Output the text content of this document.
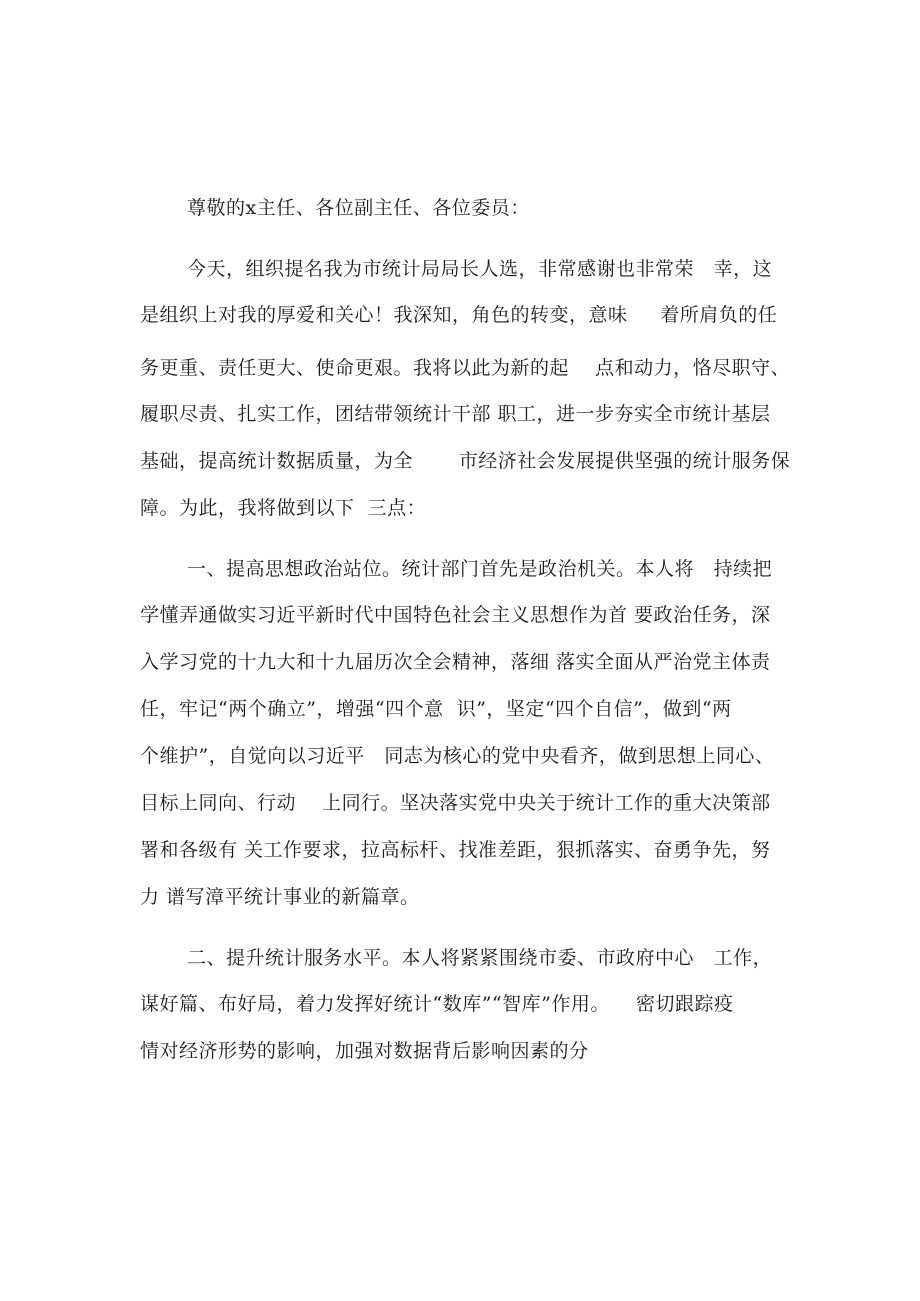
尊敬的x主任、各位副主任、各位委员：
今天，组织提名我为市统计局局长人选，非常感谢也非常荣   幸，这
是组织上对我的厚爱和关心！我深知，角色的转变，意味     着所肩负的任
务更重、责任更大、使命更艰。我将以此为新的起    点和动力，恪尽职守、
履职尽责、扎实工作，团结带领统计干部 职工，进一步夯实全市统计基层
基础，提高统计数据质量，为全       市经济社会发展提供坚强的统计服务保
障。为此，我将做到以下  三点：
一、提高思想政治站位。统计部门首先是政治机关。本人将   持续把
学懂弄通做实习近平新时代中国特色社会主义思想作为首 要政治任务，深
入学习党的十九大和十九届历次全会精神，落细 落实全面从严治党主体责
任，牢记“两个确立”，增强“四个意  识”，坚定“四个自信”，做到“两
个维护”，自觉向以习近平   同志为核心的党中央看齐，做到思想上同心、
目标上同向、行动    上同行。坚决落实党中央关于统计工作的重大决策部
署和各级有 关工作要求，拉高标杆、找准差距，狠抓落实、奋勇争先，努
力 谱写漳平统计事业的新篇章。
二、提升统计服务水平。本人将紧紧围绕市委、市政府中心   工作，
谋好篇、布好局，着力发挥好统计“数库”“智库”作用。    密切跟踪疫
情对经济形势的影响，加强对数据背后影响因素的分
